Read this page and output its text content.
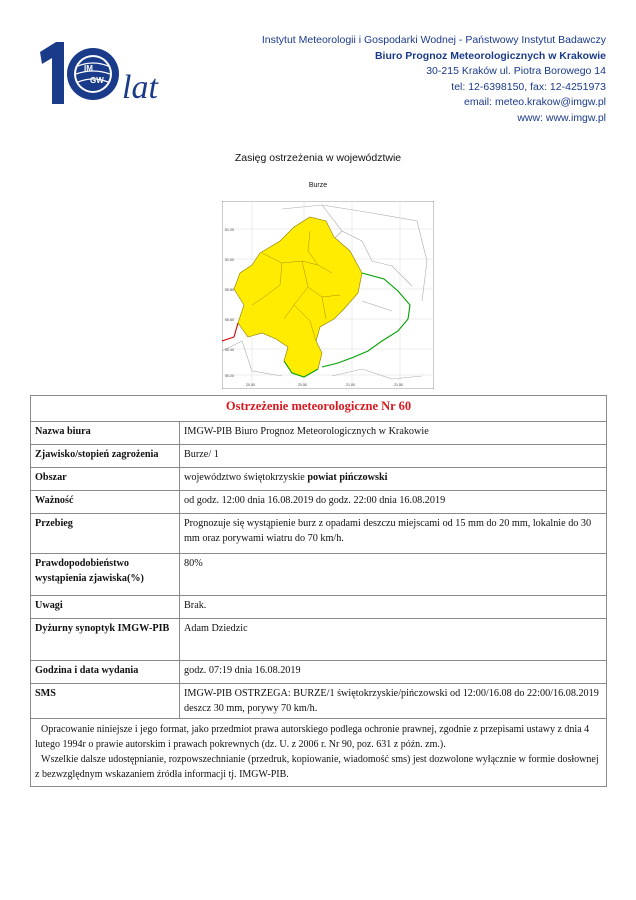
IM
GW lat
Instytut Meteorologii i Gospodarki Wodnej - Państwowy Instytut Badawczy
Biuro Prognoz Meteorologicznych w Krakowie
30-215 Kraków ul. Piotra Borowego 14
tel: 12-6398150, fax: 12-4251973
email: meteo.krakow@imgw.pl
www: www.imgw.pl
Zasięg ostrzeżenia w województwie
Burze
51.20
51.00
50.80
50.60
50.40
50.20
20.00	20.50	21.00	21.50
Ostrzeżenie meteorologiczne Nr 60	
Nazwa biura	IMGW-PIB Biuro Prognoz Meteorologicznych w Krakowie
Zjawisko/stopień zagrożenia	Burze/ 1
Obszar	województwo świętokrzyskie powiat pińczowski
Ważność	od godz. 12:00 dnia 16.08.2019 do godz. 22:00 dnia 16.08.2019
Przebieg	Prognozuje się wystąpienie burz z opadami deszczu miejscami od 15 mm do 20 mm, lokalnie do 30 mm oraz porywami wiatru do 70 km/h.
Prawdopodobieństwo wystąpienia zjawiska(%)	80%
Uwagi	Brak.
Dyżurny synoptyk IMGW-PIB	Adam Dziedzic
Godzina i data wydania	godz. 07:19 dnia 16.08.2019
SMS	IMGW-PIB OSTRZEGA: BURZE/1 świętokrzyskie/pińczowski od 12:00/16.08 do 22:00/16.08.2019 deszcz 30 mm, porywy 70 km/h.

Opracowanie niniejsze i jego format, jako przedmiot prawa autorskiego podlega ochronie prawnej, zgodnie z przepisami ustawy z dnia 4 lutego 1994r o prawie autorskim i prawach pokrewnych (dz. U. z 2006 r. Nr 90, poz. 631 z późn. zm.).
Wszelkie dalsze udostępnianie, rozpowszechnianie (przedruk, kopiowanie, wiadomość sms) jest dozwolone wyłącznie w formie dosłownej z bezwzględnym wskazaniem źródła informacji tj. IMGW-PIB.	
